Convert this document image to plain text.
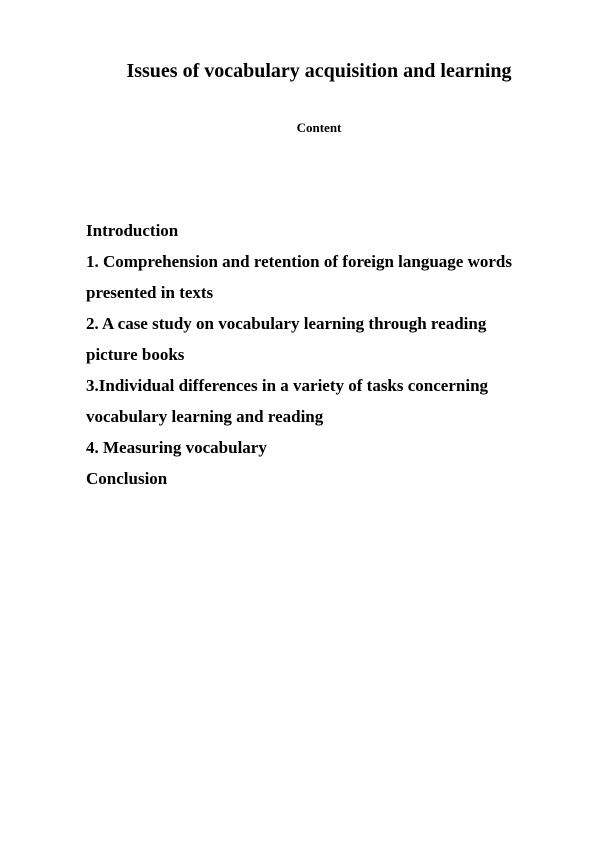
Issues of vocabulary acquisition and learning
Content
Introduction
1. Comprehension and retention of foreign language words
presented in texts
2. A case study on vocabulary learning through reading
picture books
3.Individual differences in a variety of tasks concerning
vocabulary learning and reading
4. Measuring vocabulary
Conclusion
